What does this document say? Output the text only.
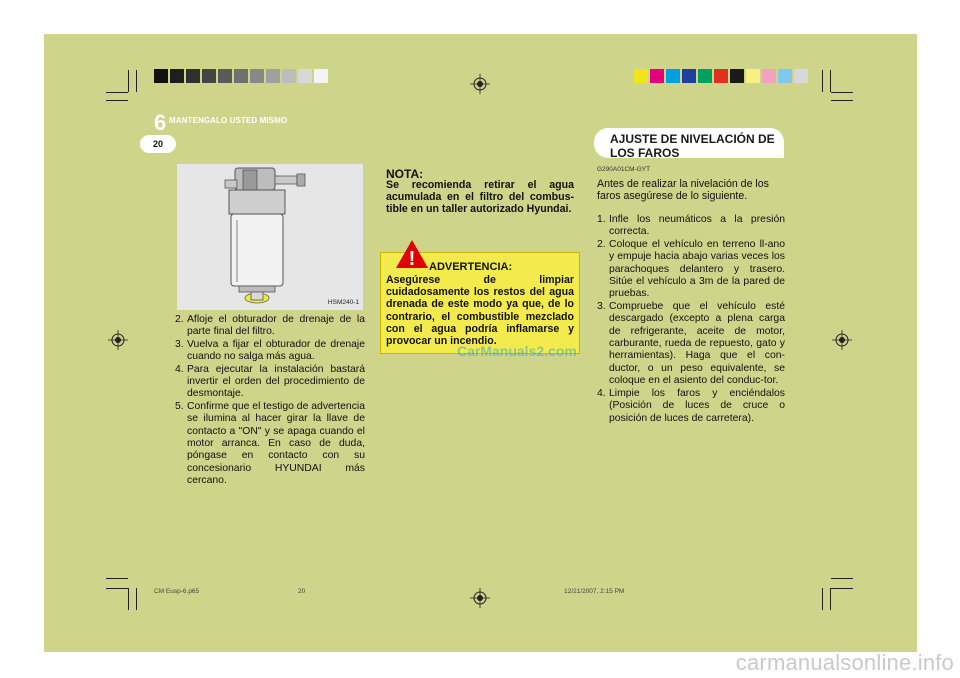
6 MANTENGALO USTED MISMO
20	AJUSTE DE NIVELACIÓN DE LOS FAROS
HSM240-1
2. Afloje el obturador de drenaje de la parte final del filtro.
3. Vuelva a fijar el obturador de drenaje cuando no salga más agua.
4. Para ejecutar la instalación bastará invertir el orden del procedimiento de desmontaje.
5. Confirme que el testigo de advertencia se ilumina al hacer girar la llave de contacto a "ON" y se apaga cuando el motor arranca. En caso de duda, póngase en contacto con su concesionario HYUNDAI más cercano.
NOTA:
Se recomienda retirar el agua acumulada en el filtro del combus-tible en un taller autorizado Hyundai.
! ADVERTENCIA:
Asegúrese de limpiar cuidadosamente los restos del agua drenada de este modo ya que, de lo contrario, el combustible mezclado con el agua podría inflamarse y provocar un incendio.
CarManuals2.com
G290A01CM-GYT
Antes de realizar la nivelación de los faros asegúrese de lo siguiente.
1. Infle los neumáticos a la presión correcta.
2. Coloque el vehículo en terreno ll-ano y empuje hacia abajo varias veces los parachoques delantero y trasero. Sitúe el vehículo a 3m de la pared de pruebas.
3. Compruebe que el vehículo esté descargado (excepto a plena carga de refrigerante, aceite de motor, carburante, rueda de repuesto, gato y herramientas). Haga que el con-ductor, o un peso equivalente, se coloque en el asiento del conduc-tor.
4. Limpie los faros y enciéndalos (Posición de luces de cruce o posición de luces de carretera).
CM Eusp-6.p65	20	12/21/2007, 2:15 PM
carmanualsonline.info
